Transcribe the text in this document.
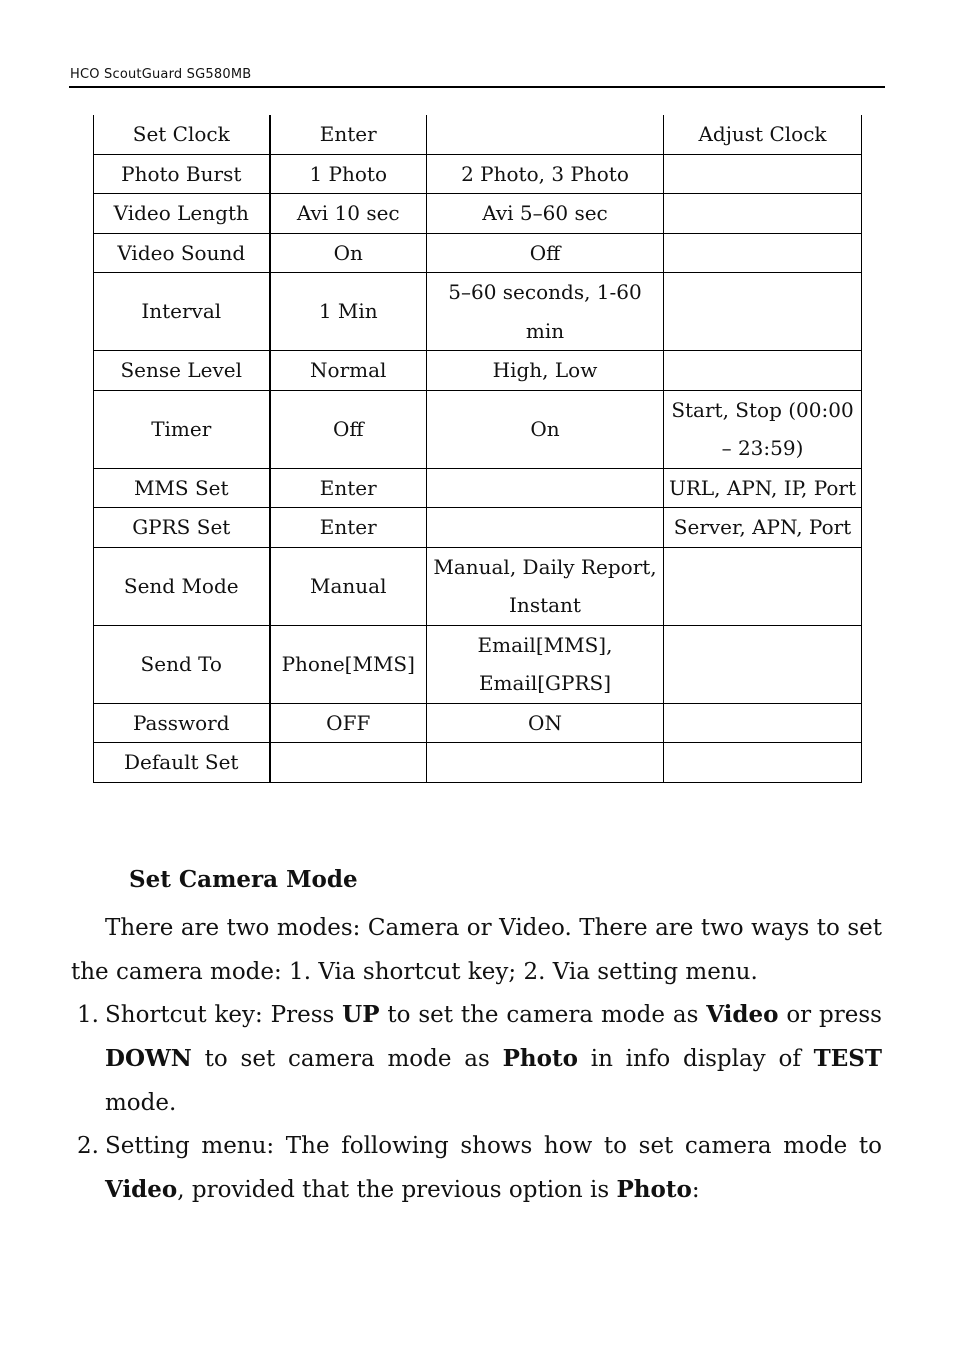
HCO ScoutGuard SG580MB
Set Clock	Enter		Adjust Clock
Photo Burst	1 Photo	2 Photo, 3 Photo	
Video Length	Avi 10 sec	Avi 5–60 sec	
Video Sound	On	Off	
Interval	1 Min	5–60 seconds, 1-60 min	
Sense Level	Normal	High, Low	
Timer	Off	On	Start, Stop (00:00 – 23:59)
MMS Set	Enter		URL, APN, IP, Port
GPRS Set	Enter		Server, APN, Port
Send Mode	Manual	Manual, Daily Report, Instant	
Send To	Phone[MMS]	Email[MMS], Email[GPRS]	
Password	OFF	ON	
Default Set			
Set Camera Mode

There are two modes: Camera or Video. There are two ways to set the camera mode: 1. Via shortcut key; 2. Via setting menu.

1. Shortcut key: Press UP to set the camera mode as Video or press DOWN to set camera mode as Photo in info display of TEST mode.

2. Setting menu: The following shows how to set camera mode to Video, provided that the previous option is Photo:
